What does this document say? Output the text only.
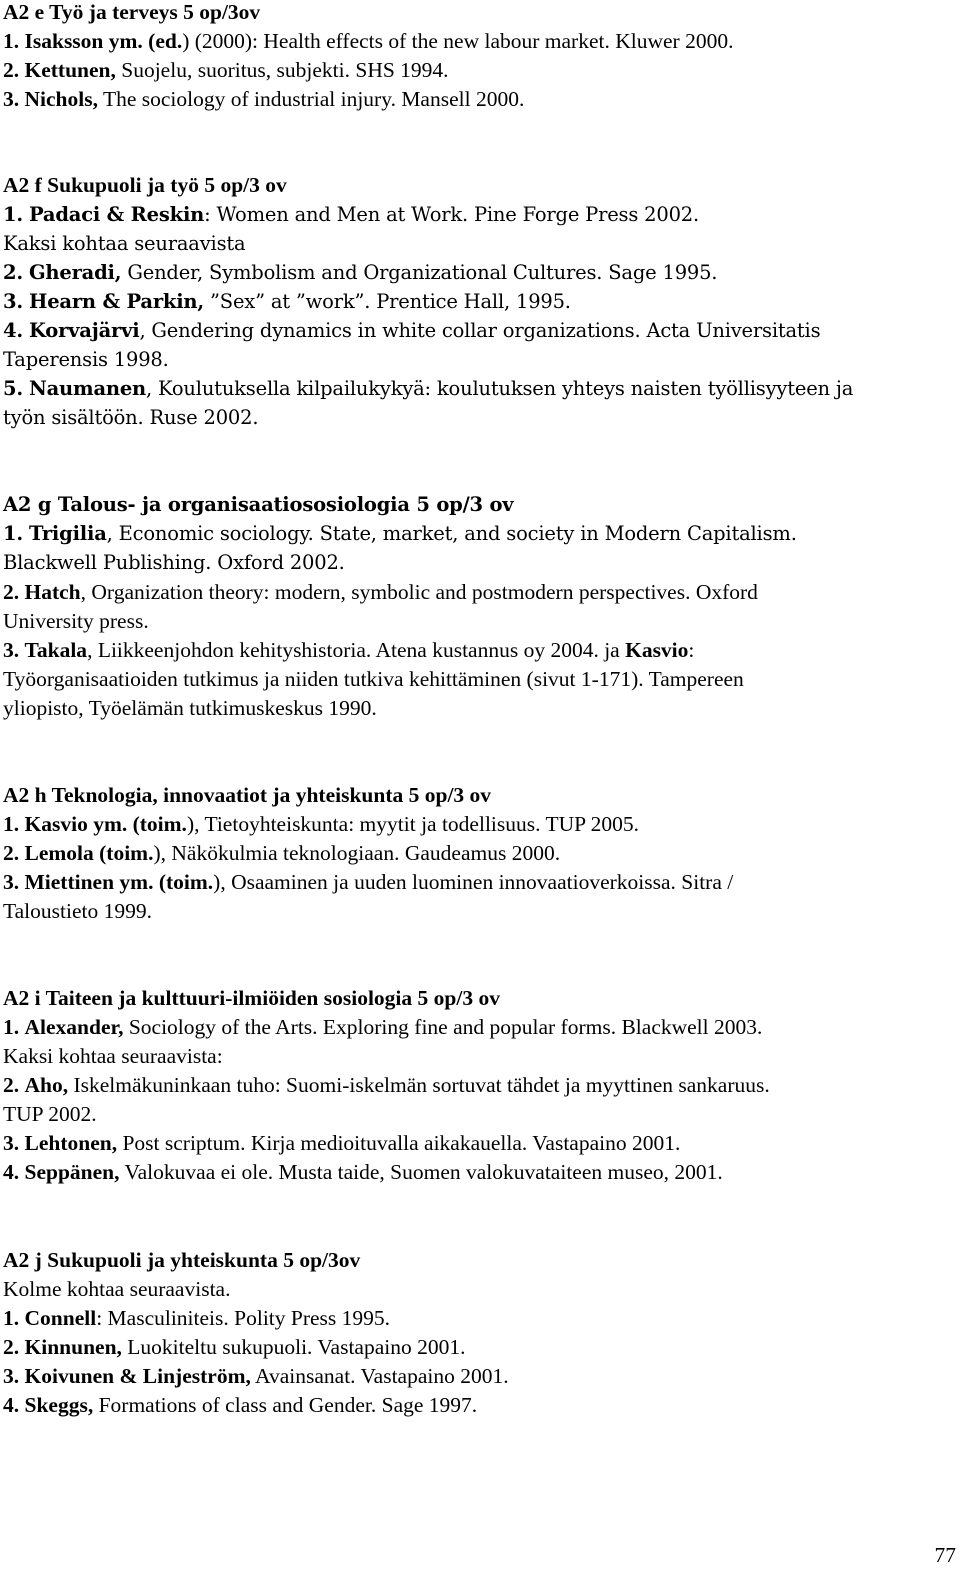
A2 e Työ ja terveys 5 op/3ov
1. Isaksson ym. (ed.) (2000): Health effects of the new labour market. Kluwer 2000.
2. Kettunen, Suojelu, suoritus, subjekti. SHS 1994.
3. Nichols, The sociology of industrial injury. Mansell 2000.
A2 f Sukupuoli ja työ 5 op/3 ov
1. Padaci & Reskin: Women and Men at Work. Pine Forge Press 2002.
Kaksi kohtaa seuraavista
2. Gheradi, Gender, Symbolism and Organizational Cultures. Sage 1995.
3. Hearn & Parkin, ”Sex” at ”work”. Prentice Hall, 1995.
4. Korvajärvi, Gendering dynamics in white collar organizations. Acta Universitatis
Taperensis 1998.
5. Naumanen, Koulutuksella kilpailukykyä: koulutuksen yhteys naisten työllisyyteen ja
työn sisältöön. Ruse 2002.
A2 g Talous- ja organisaatiososiologia 5 op/3 ov
1. Trigilia, Economic sociology. State, market, and society in Modern Capitalism.
Blackwell Publishing. Oxford 2002.
2. Hatch, Organization theory: modern, symbolic and postmodern perspectives. Oxford
University press.
3. Takala, Liikkeenjohdon kehityshistoria. Atena kustannus oy 2004. ja Kasvio:
Työorganisaatioiden tutkimus ja niiden tutkiva kehittäminen (sivut 1-171). Tampereen
yliopisto, Työelämän tutkimuskeskus 1990.
A2 h Teknologia, innovaatiot ja yhteiskunta 5 op/3 ov
1. Kasvio ym. (toim.), Tietoyhteiskunta: myytit ja todellisuus. TUP 2005.
2. Lemola (toim.), Näkökulmia teknologiaan. Gaudeamus 2000.
3. Miettinen ym. (toim.), Osaaminen ja uuden luominen innovaatioverkoissa. Sitra /
Taloustieto 1999.
A2 i Taiteen ja kulttuuri-ilmiöiden sosiologia 5 op/3 ov
1. Alexander, Sociology of the Arts. Exploring fine and popular forms. Blackwell 2003.
Kaksi kohtaa seuraavista:
2. Aho, Iskelmäkuninkaan tuho: Suomi-iskelmän sortuvat tähdet ja myyttinen sankaruus.
TUP 2002.
3. Lehtonen, Post scriptum. Kirja medioituvalla aikakauella. Vastapaino 2001.
4. Seppänen, Valokuvaa ei ole. Musta taide, Suomen valokuvataiteen museo, 2001.
A2 j Sukupuoli ja yhteiskunta 5 op/3ov
Kolme kohtaa seuraavista.
1. Connell: Masculiniteis. Polity Press 1995.
2. Kinnunen, Luokiteltu sukupuoli. Vastapaino 2001.
3. Koivunen & Linjeström, Avainsanat. Vastapaino 2001.
4. Skeggs, Formations of class and Gender. Sage 1997.
77
